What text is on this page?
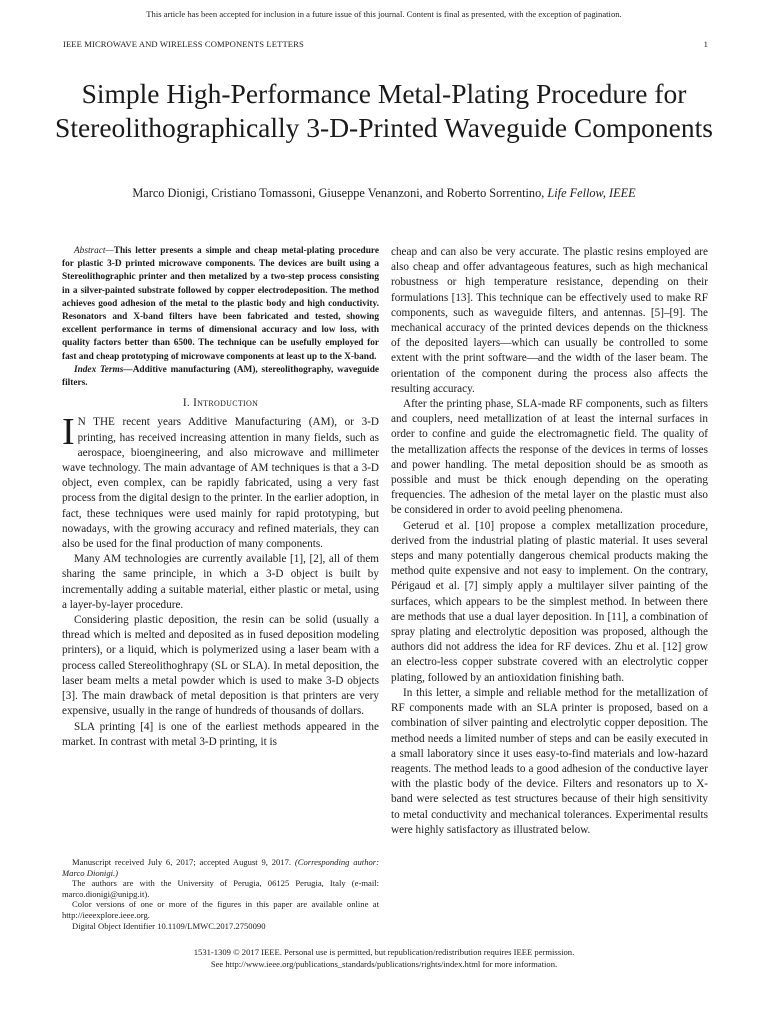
This article has been accepted for inclusion in a future issue of this journal. Content is final as presented, with the exception of pagination.
IEEE MICROWAVE AND WIRELESS COMPONENTS LETTERS	1
Simple High-Performance Metal-Plating Procedure for Stereolithographically 3-D-Printed Waveguide Components
Marco Dionigi, Cristiano Tomassoni, Giuseppe Venanzoni, and Roberto Sorrentino, Life Fellow, IEEE

Abstract—This letter presents a simple and cheap metal-plating procedure for plastic 3-D printed microwave components. The devices are built using a Stereolithographic printer and then metalized by a two-step process consisting in a silver-painted substrate followed by copper electrodeposition. The method achieves good adhesion of the metal to the plastic body and high conductivity. Resonators and X-band filters have been fabricated and tested, showing excellent performance in terms of dimensional accuracy and low loss, with quality factors better than 6500. The technique can be usefully employed for fast and cheap prototyping of microwave components at least up to the X-band.

Index Terms—Additive manufacturing (AM), stereolithography, waveguide filters.

I. Introduction

I N THE recent years Additive Manufacturing (AM), or 3-D printing, has received increasing attention in many fields, such as aerospace, bioengineering, and also microwave and millimeter wave technology. The main advantage of AM techniques is that a 3-D object, even complex, can be rapidly fabricated, using a very fast process from the digital design to the printer. In the earlier adoption, in fact, these techniques were used mainly for rapid prototyping, but nowadays, with the growing accuracy and refined materials, they can also be used for the final production of many components.

Many AM technologies are currently available [1], [2], all of them sharing the same principle, in which a 3-D object is built by incrementally adding a suitable material, either plastic or metal, using a layer-by-layer procedure.

Considering plastic deposition, the resin can be solid (usually a thread which is melted and deposited as in fused deposition modeling printers), or a liquid, which is polymerized using a laser beam with a process called Stereolithoghrapy (SL or SLA). In metal deposition, the laser beam melts a metal powder which is used to make 3-D objects [3]. The main drawback of metal deposition is that printers are very expensive, usually in the range of hundreds of thousands of dollars.

SLA printing [4] is one of the earliest methods appeared in the market. In contrast with metal 3-D printing, it is

cheap and can also be very accurate. The plastic resins employed are also cheap and offer advantageous features, such as high mechanical robustness or high temperature resistance, depending on their formulations [13]. This technique can be effectively used to make RF components, such as waveguide filters, and antennas. [5]–[9]. The mechanical accuracy of the printed devices depends on the thickness of the deposited layers—which can usually be controlled to some extent with the print software—and the width of the laser beam. The orientation of the component during the process also affects the resulting accuracy.

After the printing phase, SLA-made RF components, such as filters and couplers, need metallization of at least the internal surfaces in order to confine and guide the electromagnetic field. The quality of the metallization affects the response of the devices in terms of losses and power handling. The metal deposition should be as smooth as possible and must be thick enough depending on the operating frequencies. The adhesion of the metal layer on the plastic must also be considered in order to avoid peeling phenomena.

Geterud et al. [10] propose a complex metallization procedure, derived from the industrial plating of plastic material. It uses several steps and many potentially dangerous chemical products making the method quite expensive and not easy to implement. On the contrary, Périgaud et al. [7] simply apply a multilayer silver painting of the surfaces, which appears to be the simplest method. In between there are methods that use a dual layer deposition. In [11], a combination of spray plating and electrolytic deposition was proposed, although the authors did not address the idea for RF devices. Zhu et al. [12] grow an electro-less copper substrate covered with an electrolytic copper plating, followed by an antioxidation finishing bath.

In this letter, a simple and reliable method for the metallization of RF components made with an SLA printer is proposed, based on a combination of silver painting and electrolytic copper deposition. The method needs a limited number of steps and can be easily executed in a small laboratory since it uses easy-to-find materials and low-hazard reagents. The method leads to a good adhesion of the conductive layer with the plastic body of the device. Filters and resonators up to X-band were selected as test structures because of their high sensitivity to metal conductivity and mechanical tolerances. Experimental results were highly satisfactory as illustrated below.

Manuscript received July 6, 2017; accepted August 9, 2017. (Corresponding author: Marco Dionigi.)

The authors are with the University of Perugia, 06125 Perugia, Italy (e-mail: marco.dionigi@unipg.it).

Color versions of one or more of the figures in this paper are available online at http://ieeexplore.ieee.org.

Digital Object Identifier 10.1109/LMWC.2017.2750090

1531-1309 © 2017 IEEE. Personal use is permitted, but republication/redistribution requires IEEE permission.
See http://www.ieee.org/publications_standards/publications/rights/index.html for more information.
